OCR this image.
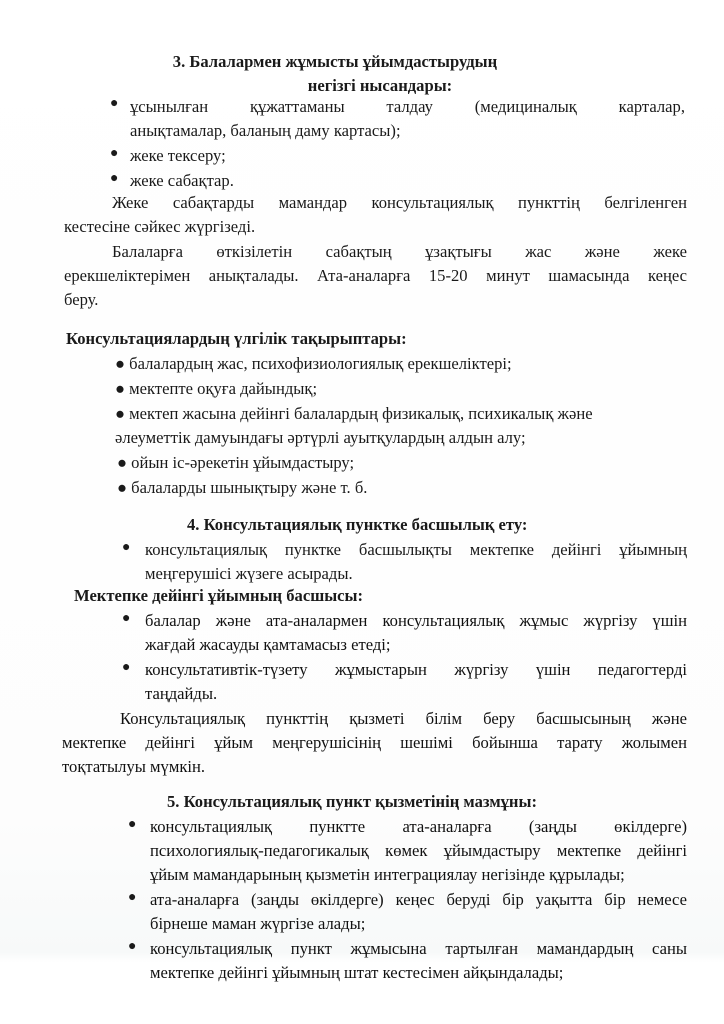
3. Балалармен жұмысты ұйымдастырудың
негізгі нысандары:
● ұсынылған құжаттаманы талдау (медициналық карталар,
анықтамалар, баланың даму картасы);
● жеке тексеру;
● жеке сабақтар.
Жеке сабақтарды мамандар консультациялық пункттің белгіленген
кестесіне сәйкес жүргізеді.
Балаларға өткізілетін сабақтың ұзақтығы жас және жеке
ерекшеліктерімен анықталады. Ата-аналарға 15-20 минут шамасында кеңес
беру.
Консультациялардың үлгілік тақырыптары:
● балалардың жас, психофизиологиялық ерекшеліктері;
● мектепте оқуға дайындық;
● мектеп жасына дейінгі балалардың физикалық, психикалық және
әлеуметтік дамуындағы әртүрлі ауытқулардың алдын алу;
● ойын іс-әрекетін ұйымдастыру;
● балаларды шынықтыру және т. б.
4. Консультациялық пунктке басшылық ету:
● консультациялық пунктке басшылықты мектепке дейінгі ұйымның
меңгерушісі жүзеге асырады.
Мектепке дейінгі ұйымның басшысы:
● балалар және ата-аналармен консультациялық жұмыс жүргізу үшін
жағдай жасауды қамтамасыз етеді;
● консультативтік-түзету жұмыстарын жүргізу үшін педагогтерді
таңдайды.
Консультациялық пункттің қызметі білім беру басшысының және
мектепке дейінгі ұйым меңгерушісінің шешімі бойынша тарату жолымен
тоқтатылуы мүмкін.
5. Консультациялық пункт қызметінің мазмұны:
● консультациялық пунктте ата-аналарға (заңды өкілдерге)
психологиялық-педагогикалық көмек ұйымдастыру мектепке дейінгі
ұйым мамандарының қызметін интеграциялау негізінде құрылады;
● ата-аналарға (заңды өкілдерге) кеңес беруді бір уақытта бір немесе
бірнеше маман жүргізе алады;
● консультациялық пункт жұмысына тартылған мамандардың саны
мектепке дейінгі ұйымның штат кестесімен айқындалады;
